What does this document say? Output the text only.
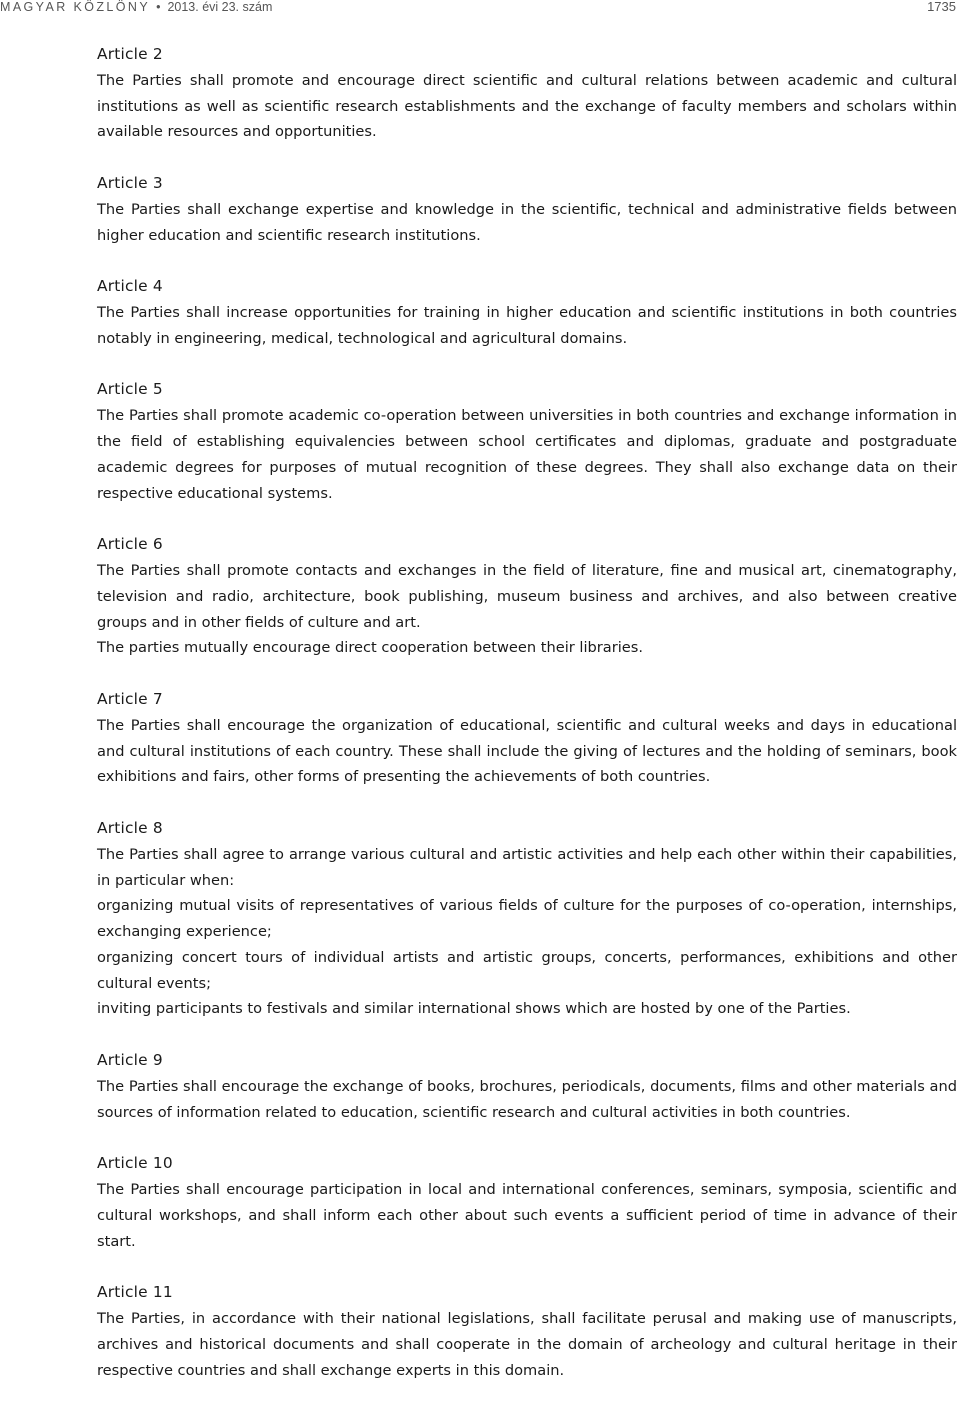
MAGYAR KÖZLÖNY • 2013. évi 23. szám	1735
Article 2

The Parties shall promote and encourage direct scientific and cultural relations between academic and cultural institutions as well as scientific research establishments and the exchange of faculty members and scholars within available resources and opportunities.

Article 3

The Parties shall exchange expertise and knowledge in the scientific, technical and administrative fields between higher education and scientific research institutions.

Article 4

The Parties shall increase opportunities for training in higher education and scientific institutions in both countries notably in engineering, medical, technological and agricultural domains.

Article 5

The Parties shall promote academic co-operation between universities in both countries and exchange information in the field of establishing equivalencies between school certificates and diplomas, graduate and postgraduate academic degrees for purposes of mutual recognition of these degrees. They shall also exchange data on their respective educational systems.

Article 6

The Parties shall promote contacts and exchanges in the field of literature, fine and musical art, cinematography, television and radio, architecture, book publishing, museum business and archives, and also between creative groups and in other fields of culture and art.

The parties mutually encourage direct cooperation between their libraries.

Article 7

The Parties shall encourage the organization of educational, scientific and cultural weeks and days in educational and cultural institutions of each country. These shall include the giving of lectures and the holding of seminars, book exhibitions and fairs, other forms of presenting the achievements of both countries.

Article 8

The Parties shall agree to arrange various cultural and artistic activities and help each other within their capabilities, in particular when:

organizing mutual visits of representatives of various fields of culture for the purposes of co-operation, internships, exchanging experience;

organizing concert tours of individual artists and artistic groups, concerts, performances, exhibitions and other cultural events;

inviting participants to festivals and similar international shows which are hosted by one of the Parties.

Article 9

The Parties shall encourage the exchange of books, brochures, periodicals, documents, films and other materials and sources of information related to education, scientific research and cultural activities in both countries.

Article 10

The Parties shall encourage participation in local and international conferences, seminars, symposia, scientific and cultural workshops, and shall inform each other about such events a sufficient period of time in advance of their start.

Article 11

The Parties, in accordance with their national legislations, shall facilitate perusal and making use of manuscripts, archives and historical documents and shall cooperate in the domain of archeology and cultural heritage in their respective countries and shall exchange experts in this domain.
